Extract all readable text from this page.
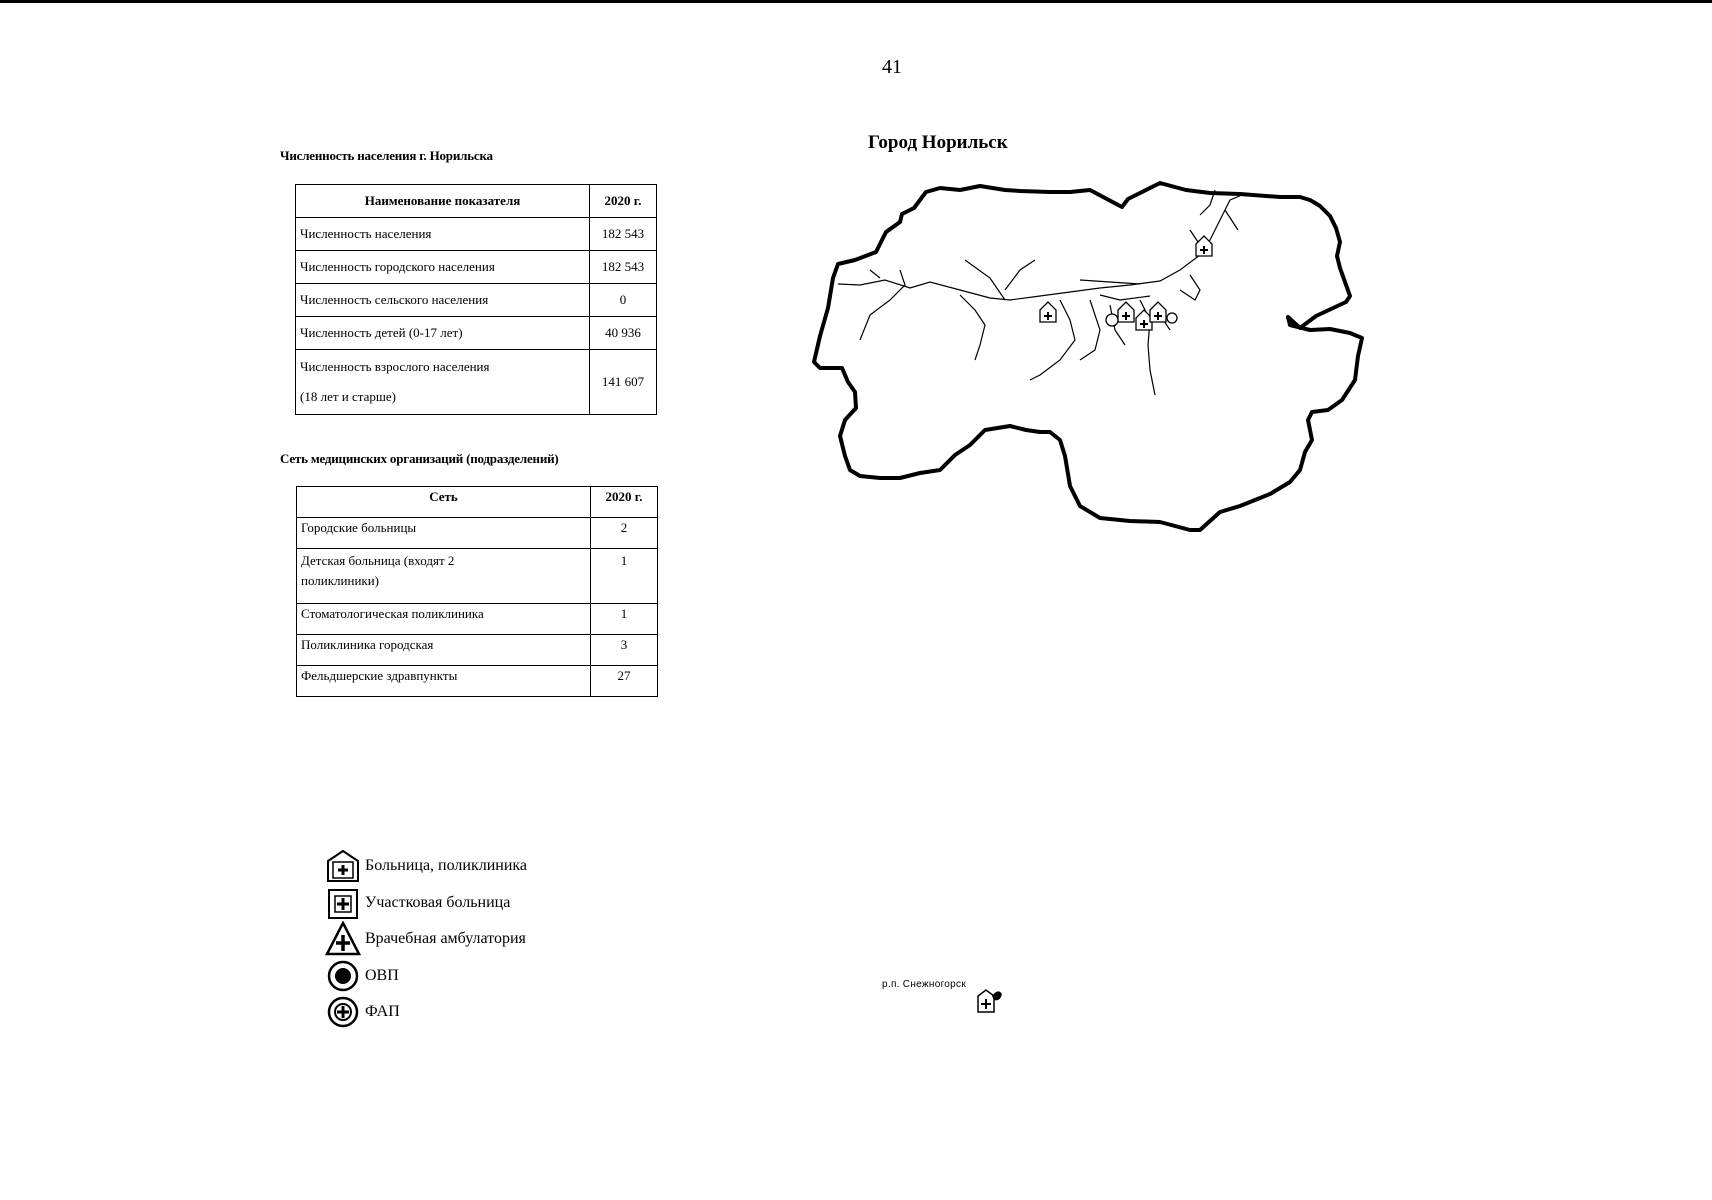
41
Численность населения г. Норильска
Наименование показателя	2020 г.
Численность населения	182 543
Численность городского населения	182 543
Численность сельского населения	0
Численность детей (0-17 лет)	40 936
Численность взрослого населения
(18 лет и старше)	141 607
Сеть медицинских организаций (подразделений)
Сеть	2020 г.
Городские больницы	2
Детская больница (входят 2
поликлиники)	1
Стоматологическая поликлиника	1
Поликлиника городская	3
Фельдшерские здравпункты	27
Город Норильск
р.п. Снежногорск
Больница, поликлиника
Участковая больница
Врачебная амбулатория
ОВП
ФАП
